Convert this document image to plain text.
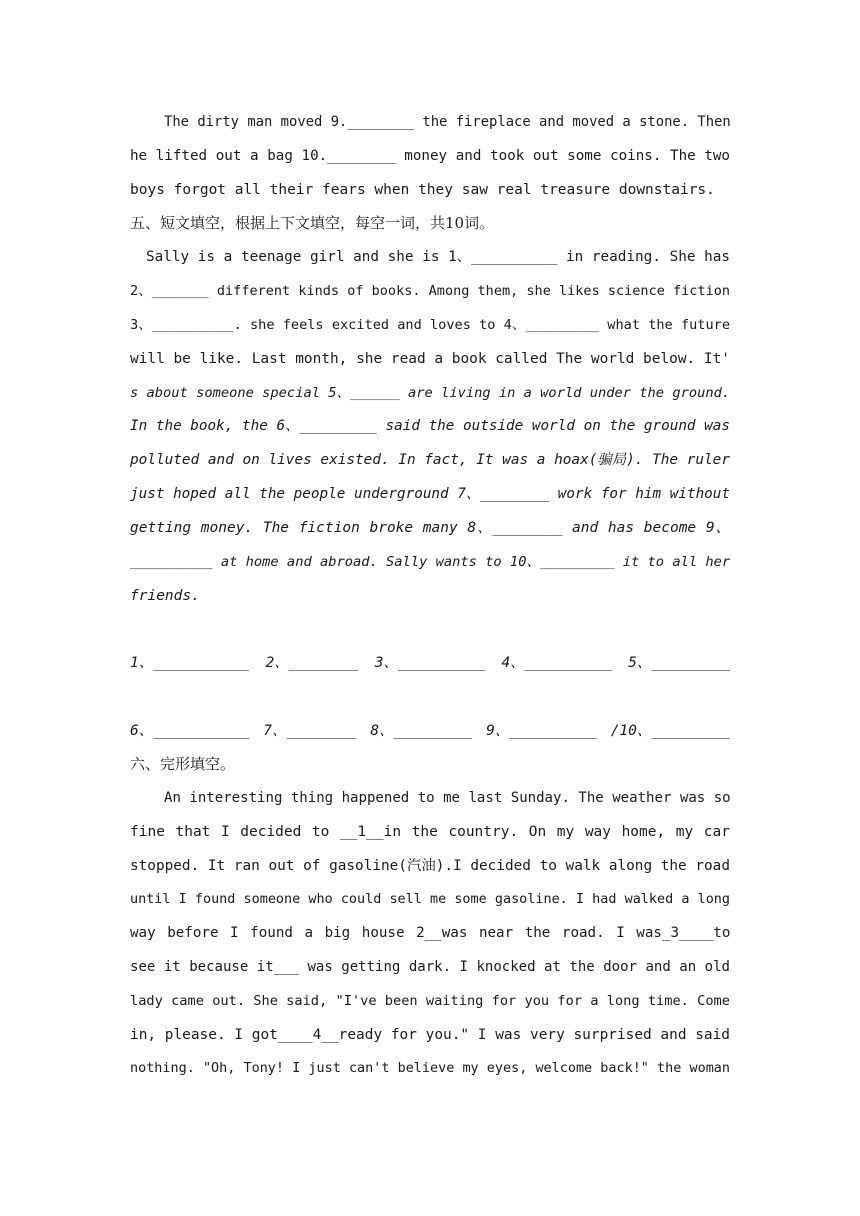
The dirty man moved 9.________ the fireplace and moved a stone. Then
he lifted out a bag 10.________ money and took out some coins. The two
boys forgot all their fears when they saw real treasure downstairs.
五、短文填空，根据上下文填空，每空一词，共10词。
Sally is a teenage girl and she is 1、__________ in reading. She has
2、_______ different kinds of books. Among them, she likes science fiction
3、__________. she feels excited and loves to 4、_________ what the future
will be like. Last month, she read a book called The world below. It'
s about someone special 5、______ are living in a world under the ground.
In the book, the 6、_________ said the outside world on the ground was
polluted and on lives existed. In fact, It was a hoax(骗局). The ruler
just hoped all the people underground 7、________ work for him without
getting money. The fiction broke many 8、________ and has become 9、
__________ at home and abroad. Sally wants to 10、_________ it to all her
friends.
1、___________ 2、________ 3、__________ 4、__________ 5、_________
6、___________ 7、________ 8、_________ 9、__________ /10、_________
六、完形填空。
An interesting thing happened to me last Sunday. The weather was so
fine that I decided to __1__in the country. On my way home, my car
stopped. It ran out of gasoline(汽油).I decided to walk along the road
until I found someone who could sell me some gasoline. I had walked a long
way before I found a big house 2__was near the road. I was_3____to
see it because it___ was getting dark. I knocked at the door and an old
lady came out. She said, "I've been waiting for you for a long time. Come
in, please. I got____4__ready for you." I was very surprised and said
nothing. "Oh, Tony! I just can't believe my eyes, welcome back!" the woman
